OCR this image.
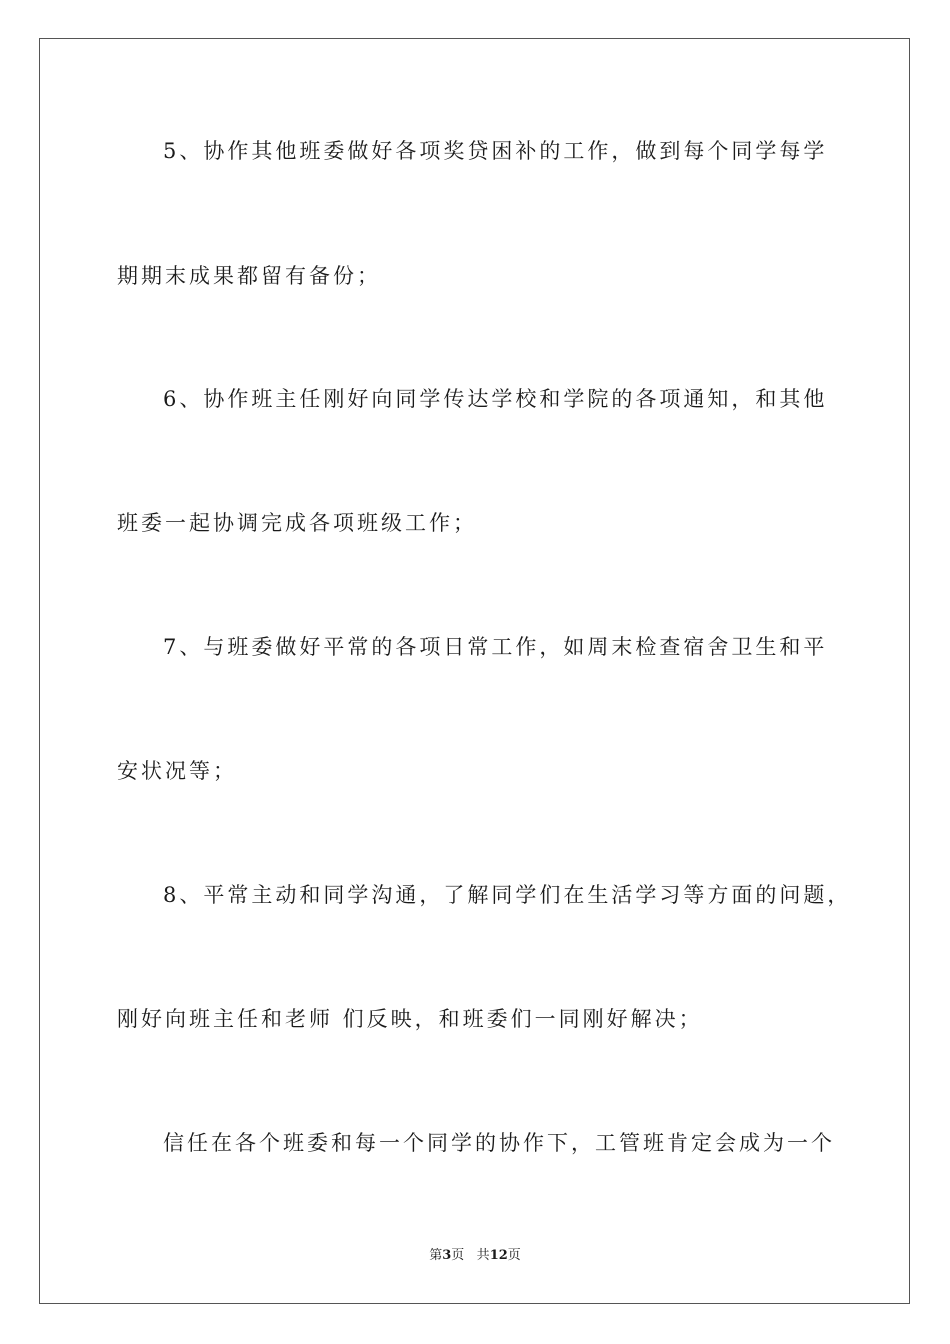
5、协作其他班委做好各项奖贷困补的工作，做到每个同学每学
期期末成果都留有备份；
6、协作班主任刚好向同学传达学校和学院的各项通知，和其他
班委一起协调完成各项班级工作；
7、与班委做好平常的各项日常工作，如周末检查宿舍卫生和平
安状况等；
8、平常主动和同学沟通，了解同学们在生活学习等方面的问题，
刚好向班主任和老师 们反映，和班委们一同刚好解决；
信任在各个班委和每一个同学的协作下，工管班肯定会成为一个
第3页 共12页
